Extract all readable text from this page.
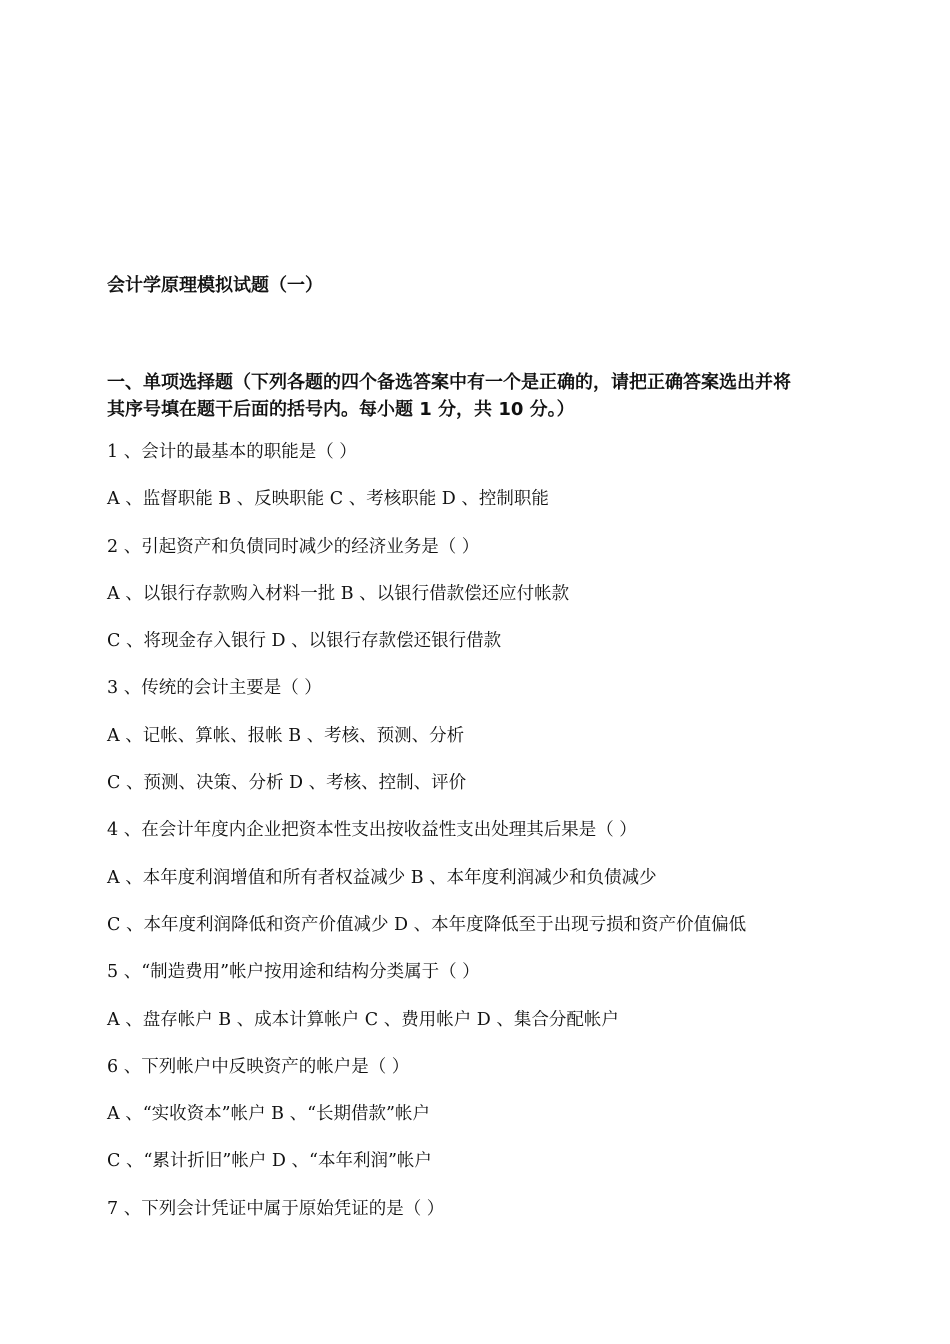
会计学原理模拟试题（一）
一、单项选择题（下列各题的四个备选答案中有一个是正确的，请把正确答案选出并将
其序号填在题干后面的括号内。每小题 1 分，共 10 分。）
1 、会计的最基本的职能是（ ）
A 、监督职能 B 、反映职能 C 、考核职能 D 、控制职能
2 、引起资产和负债同时减少的经济业务是（ ）
A 、以银行存款购入材料一批 B 、以银行借款偿还应付帐款
C 、将现金存入银行 D 、以银行存款偿还银行借款
3 、传统的会计主要是（ ）
A 、记帐、算帐、报帐 B 、考核、预测、分析
C 、预测、决策、分析 D 、考核、控制、评价
4 、在会计年度内企业把资本性支出按收益性支出处理其后果是（ ）
A 、本年度利润增值和所有者权益减少 B 、本年度利润减少和负债减少
C 、本年度利润降低和资产价值减少 D 、本年度降低至于出现亏损和资产价值偏低
5 、“制造费用”帐户按用途和结构分类属于（ ）
A 、盘存帐户 B 、成本计算帐户 C 、费用帐户 D 、集合分配帐户
6 、下列帐户中反映资产的帐户是（ ）
A 、“实收资本”帐户 B 、“长期借款”帐户
C 、“累计折旧”帐户 D 、“本年利润”帐户
7 、下列会计凭证中属于原始凭证的是（ ）
